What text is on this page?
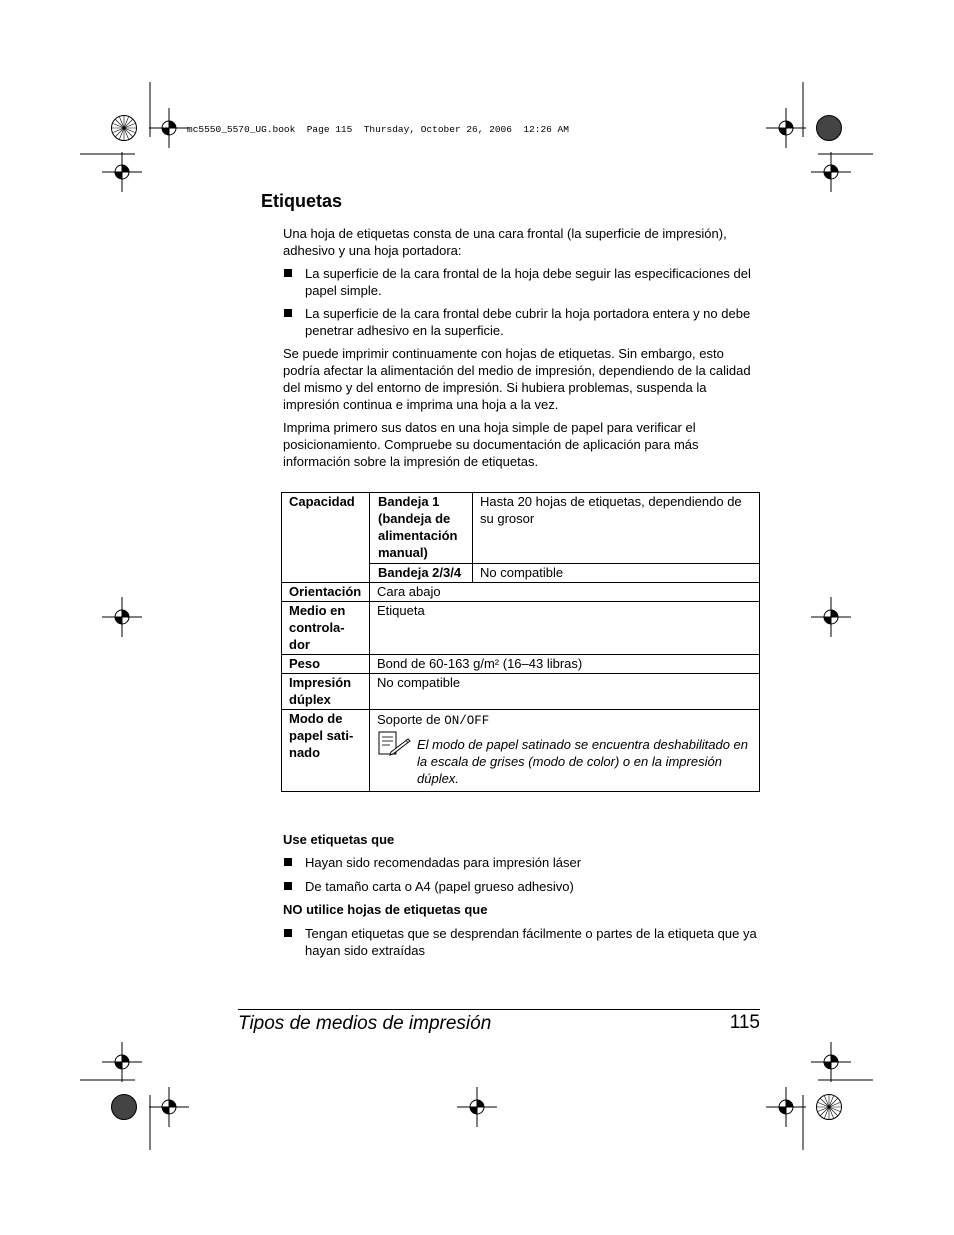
mc5550_5570_UG.book  Page 115  Thursday, October 26, 2006  12:26 AM
Etiquetas

Una hoja de etiquetas consta de una cara frontal (la superficie de impresión), adhesivo y una hoja portadora:

La superficie de la cara frontal de la hoja debe seguir las especificaciones del papel simple.
La superficie de la cara frontal debe cubrir la hoja portadora entera y no debe penetrar adhesivo en la superficie.

Se puede imprimir continuamente con hojas de etiquetas. Sin embargo, esto podría afectar la alimentación del medio de impresión, dependiendo de la calidad del mismo y del entorno de impresión. Si hubiera problemas, suspenda la impresión continua e imprima una hoja a la vez.

Imprima primero sus datos en una hoja simple de papel para verificar el posicionamiento. Compruebe su documentación de aplicación para más información sobre la impresión de etiquetas.

Capacidad	Bandeja 1 (bandeja de alimentación manual)	Hasta 20 hojas de etiquetas, dependiendo de su grosor
	Bandeja 2/3/4	No compatible
Orientación	Cara abajo	
Medio en controla-dor	Etiqueta	
Peso	Bond de 60-163 g/m² (16–43 libras)	
Impresión dúplex	No compatible	
Modo de papel sati-nado	Soporte de ON/OFF
El modo de papel satinado se encuentra deshabilitado en la escala de grises (modo de color) o en la impresión dúplex.	

Use etiquetas que

Hayan sido recomendadas para impresión láser
De tamaño carta o A4 (papel grueso adhesivo)

NO utilice hojas de etiquetas que

Tengan etiquetas que se desprendan fácilmente o partes de la etiqueta que ya hayan sido extraídas
Tipos de medios de impresión	115
